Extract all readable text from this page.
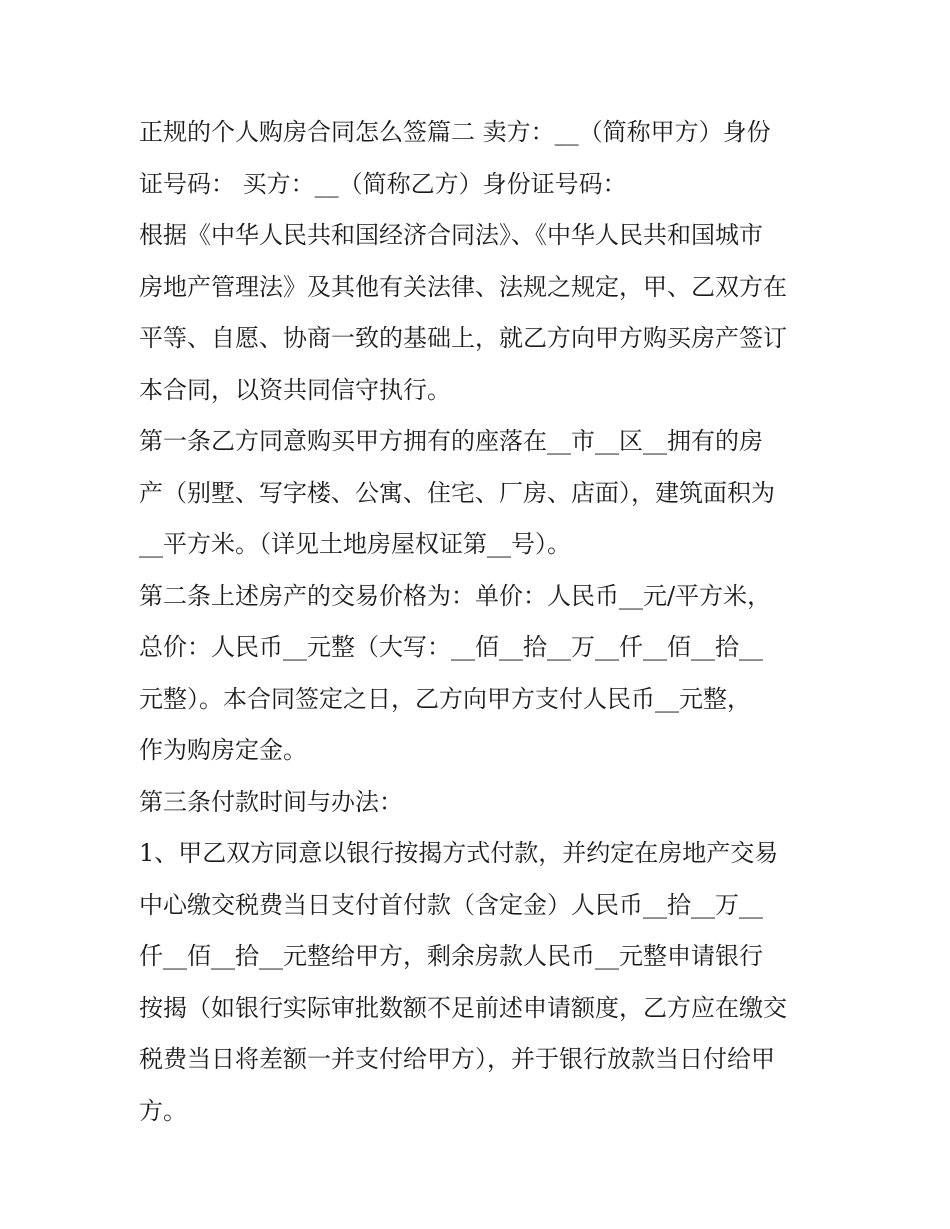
正规的个人购房合同怎么签篇二 卖方：__（简称甲方）身份
证号码： 买方：__（简称乙方）身份证号码：
根据《中华人民共和国经济合同法》、《中华人民共和国城市
房地产管理法》及其他有关法律、法规之规定，甲、乙双方在
平等、自愿、协商一致的基础上，就乙方向甲方购买房产签订
本合同，以资共同信守执行。
第一条乙方同意购买甲方拥有的座落在__市__区__拥有的房
产（别墅、写字楼、公寓、住宅、厂房、店面），建筑面积为
__平方米。（详见土地房屋权证第__号）。
第二条上述房产的交易价格为：单价：人民币__元/平方米，
总价：人民币__元整（大写：__佰__拾__万__仟__佰__拾__
元整）。本合同签定之日，乙方向甲方支付人民币__元整，
作为购房定金。
第三条付款时间与办法：
1、甲乙双方同意以银行按揭方式付款，并约定在房地产交易
中心缴交税费当日支付首付款（含定金）人民币__拾__万__
仟__佰__拾__元整给甲方，剩余房款人民币__元整申请银行
按揭（如银行实际审批数额不足前述申请额度，乙方应在缴交
税费当日将差额一并支付给甲方），并于银行放款当日付给甲
方。
